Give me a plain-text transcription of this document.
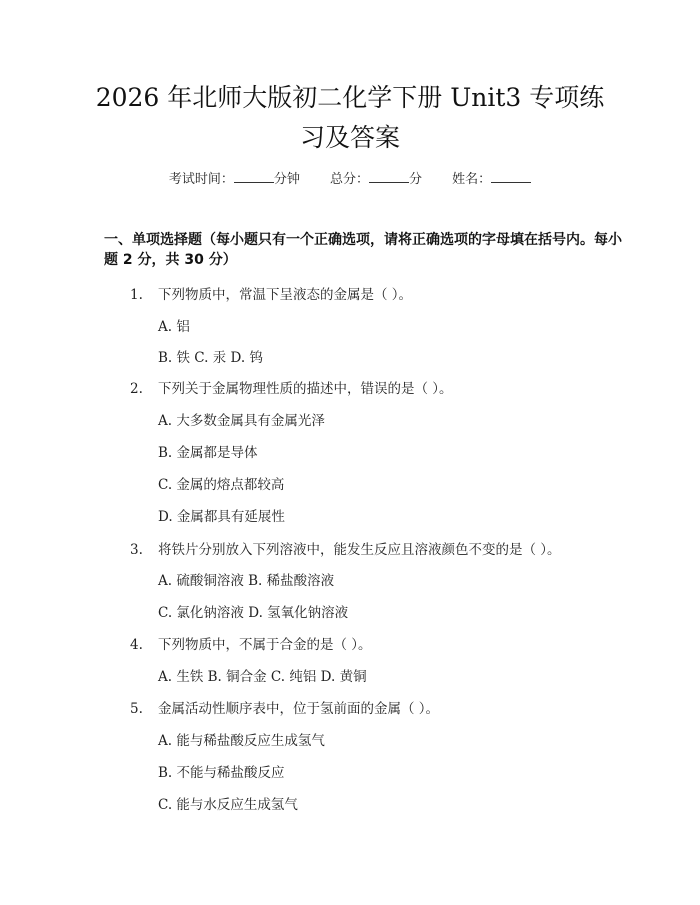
2026 年北师大版初二化学下册 Unit3 专项练
习及答案
考试时间：	分钟 总分：	分 姓名：
一、单项选择题（每小题只有一个正确选项，请将正确选项的字母填在括号内。每小题 2 分，共 30 分）
1. 下列物质中，常温下呈液态的金属是（ ）。
A. 铝
B. 铁 C. 汞 D. 钨
2. 下列关于金属物理性质的描述中，错误的是（ ）。
A. 大多数金属具有金属光泽
B. 金属都是导体
C. 金属的熔点都较高
D. 金属都具有延展性
3. 将铁片分别放入下列溶液中，能发生反应且溶液颜色不变的是（ ）。
A. 硫酸铜溶液 B. 稀盐酸溶液
C. 氯化钠溶液 D. 氢氧化钠溶液
4. 下列物质中，不属于合金的是（ ）。
A. 生铁 B. 铜合金 C. 纯铝 D. 黄铜
5. 金属活动性顺序表中，位于氢前面的金属（ ）。
A. 能与稀盐酸反应生成氢气
B. 不能与稀盐酸反应
C. 能与水反应生成氢气
